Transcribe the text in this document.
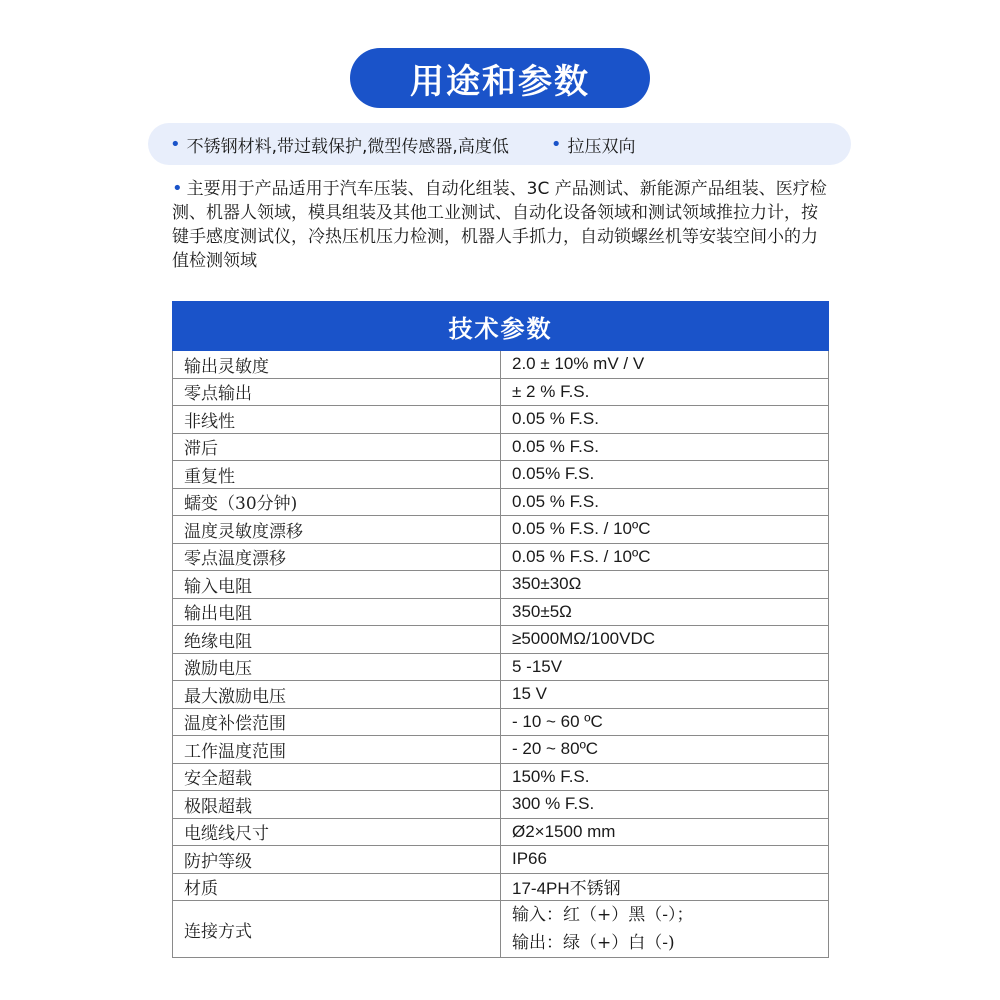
用途和参数
• 不锈钢材料,带过载保护,微型传感器,高度低 • 拉压双向
• 主要用于产品适用于汽车压装、自动化组装、3C 产品测试、新能源产品组装、医疗检测、机器人领域，模具组装及其他工业测试、自动化设备领域和测试领域推拉力计，按键手感度测试仪，冷热压机压力检测，机器人手抓力，自动锁螺丝机等安装空间小的力值检测领域
技术参数	
输出灵敏度	2.0 ± 10% mV / V
零点输出	± 2 % F.S.
非线性	0.05 % F.S.
滞后	0.05 % F.S.
重复性	0.05% F.S.
蠕变（30分钟)	0.05 % F.S.
温度灵敏度漂移	0.05 % F.S. / 10ºC
零点温度漂移	0.05 % F.S. / 10ºC
输入电阻	350±30Ω
输出电阻	350±5Ω
绝缘电阻	≥5000MΩ/100VDC
激励电压	5 -15V
最大激励电压	15 V
温度补偿范围	- 10 ~ 60 ºC
工作温度范围	- 20 ~ 80ºC
安全超载	150% F.S.
极限超载	300 % F.S.
电缆线尺寸	Ø2×1500 mm
防护等级	IP66
材质	17-4PH不锈钢
连接方式	输入：红（+）黑（-）；
输出：绿（+）白（-)
